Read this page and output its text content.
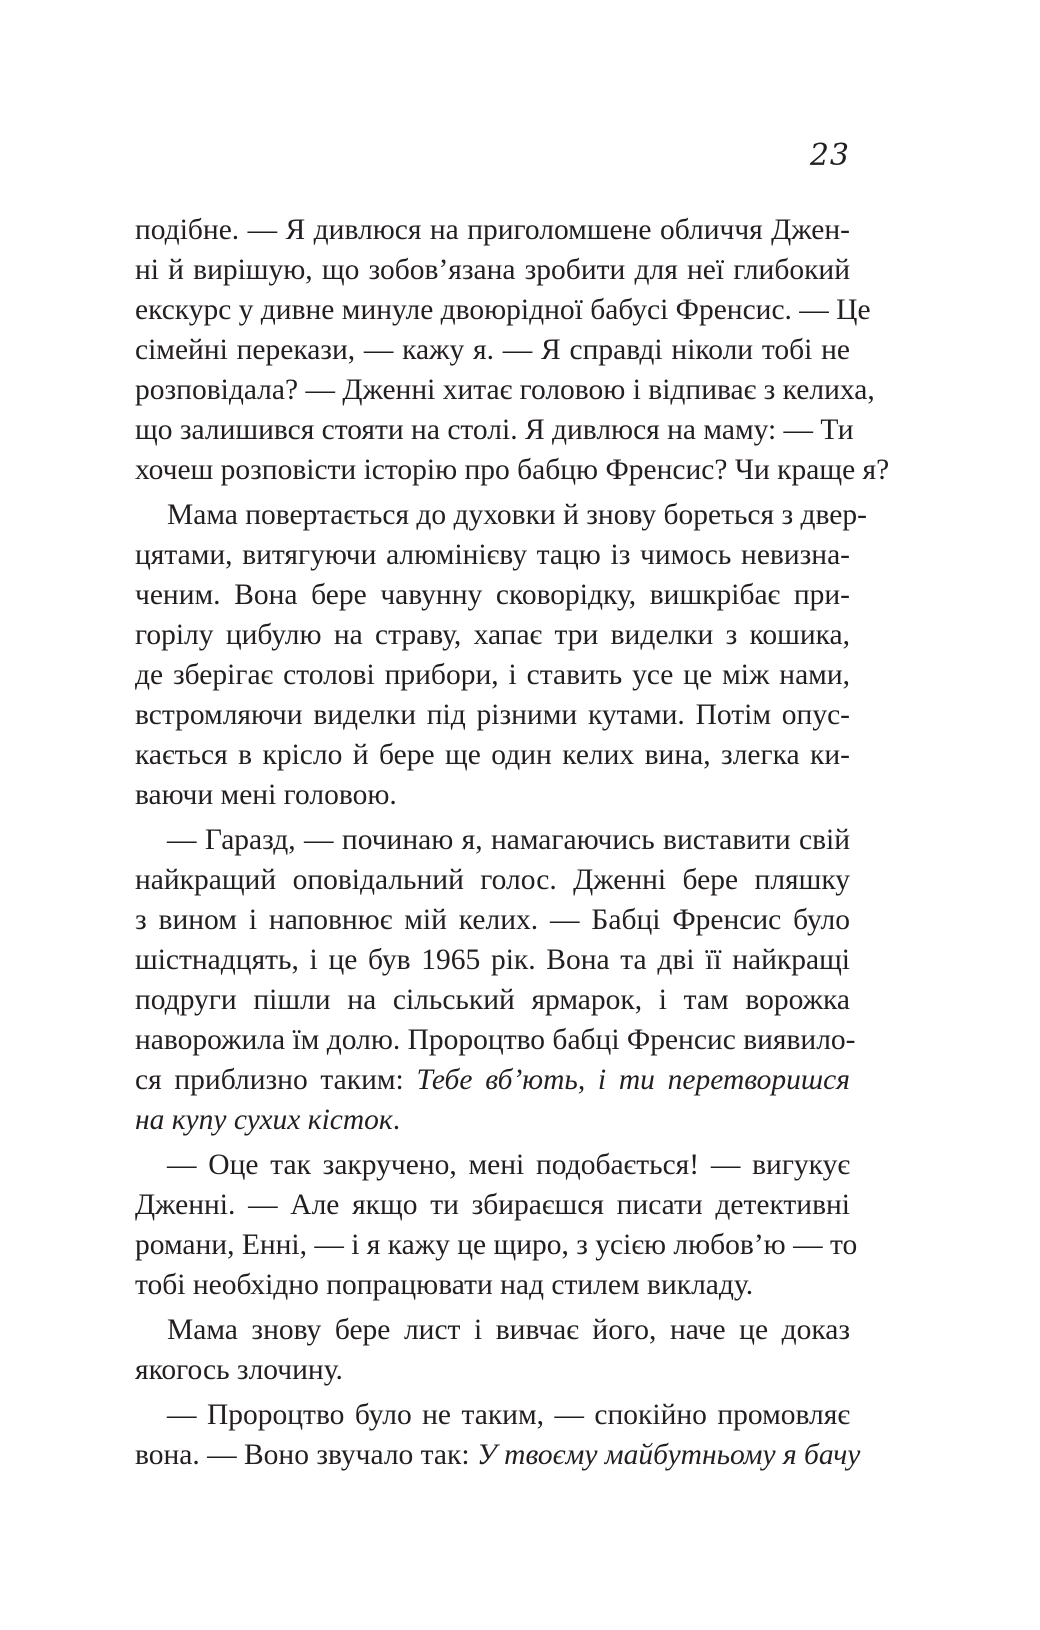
23
подібне. — Я дивлюся на приголомшене обличчя Джен-
ні й вирішую, що зобов’язана зробити для неї глибокий
екскурс у дивне минуле двоюрідної бабусі Френсис. — Це
сімейні перекази, — кажу я. — Я справді ніколи тобі не
розповідала? — Дженні хитає головою і відпиває з келиха,
що залишився стояти на столі. Я дивлюся на маму: — Ти
хочеш розповісти історію про бабцю Френсис? Чи краще я?
Мама повертається до духовки й знову бореться з двер-
цятами, витягуючи алюмінієву тацю із чимось невизна-
ченим. Вона бере чавунну сковорідку, вишкрібає при-
горілу цибулю на страву, хапає три виделки з кошика,
де зберігає столові прибори, і ставить усе це між нами,
встромляючи виделки під різними кутами. Потім опус-
кається в крісло й бере ще один келих вина, злегка ки-
ваючи мені головою.
— Гаразд, — починаю я, намагаючись виставити свій
найкращий оповідальний голос. Дженні бере пляшку
з вином і наповнює мій келих. — Бабці Френсис було
шістнадцять, і це був 1965 рік. Вона та дві її найкращі
подруги пішли на сільський ярмарок, і там ворожка
наворожила їм долю. Пророцтво бабці Френсис виявило-
ся приблизно таким: Тебе вб’ють, і ти перетворишся
на купу сухих кісток.
— Оце так закручено, мені подобається! — вигукує
Дженні. — Але якщо ти збираєшся писати детективні
романи, Енні, — і я кажу це щиро, з усією любов’ю — то
тобі необхідно попрацювати над стилем викладу.
Мама знову бере лист і вивчає його, наче це доказ
якогось злочину.
— Пророцтво було не таким, — спокійно промовляє
вона. — Воно звучало так: У твоєму майбутньому я бачу
